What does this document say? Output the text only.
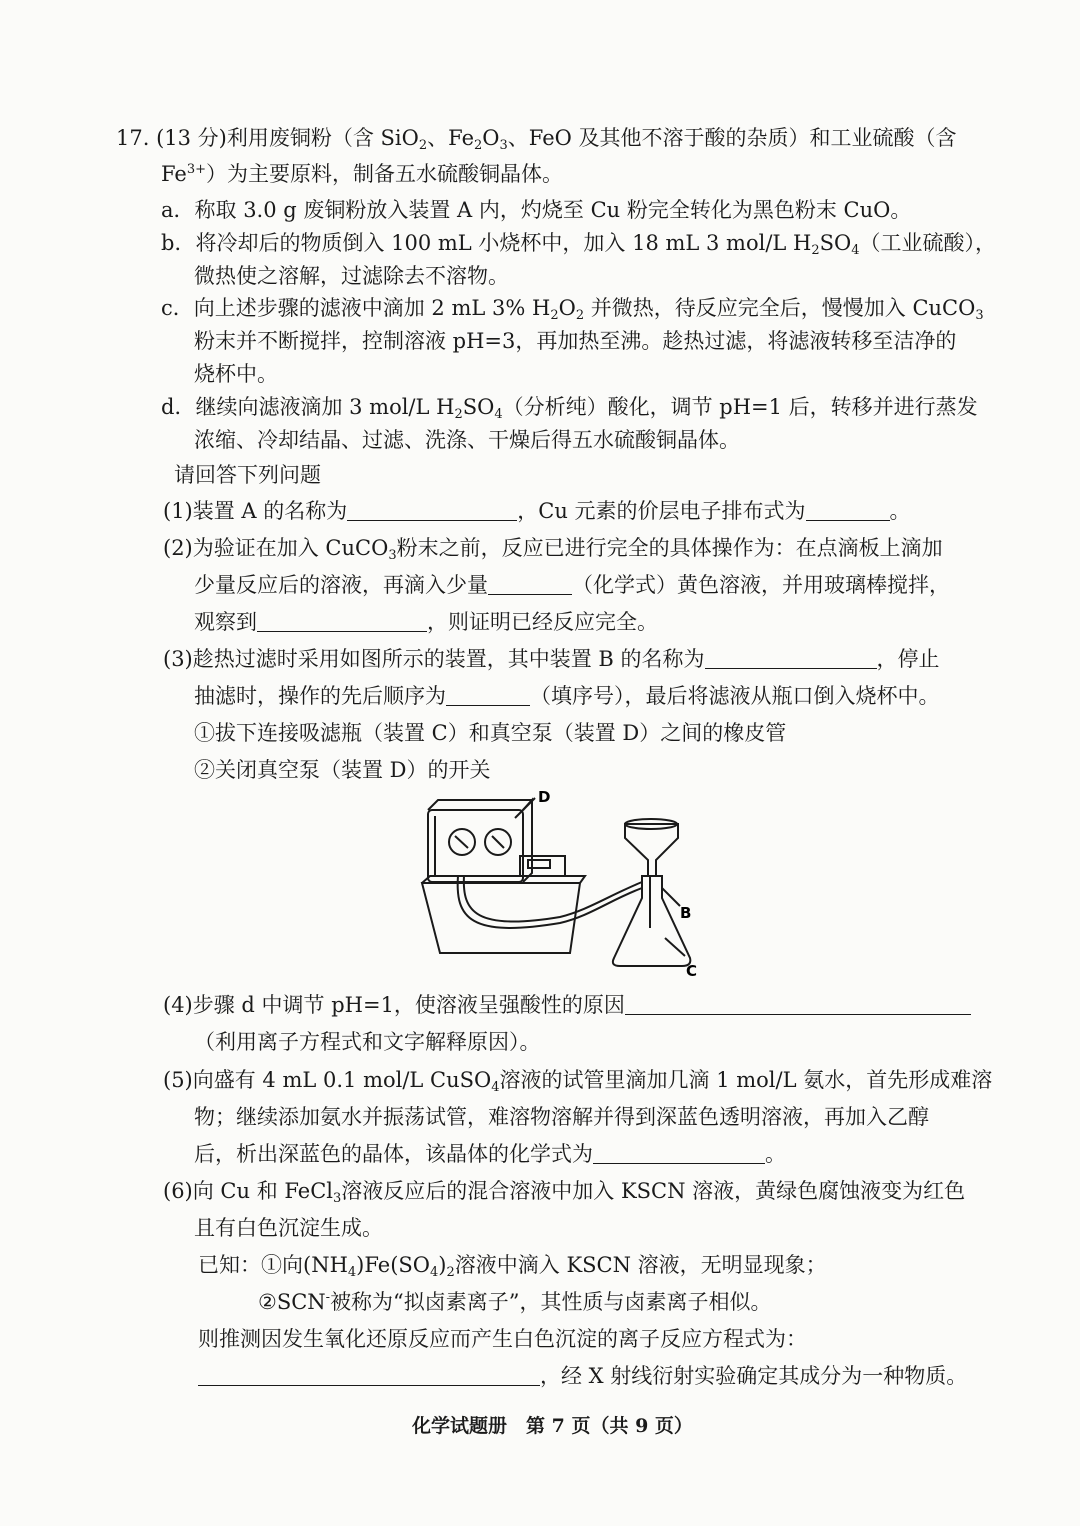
17. (13 分)利用废铜粉（含 SiO$_2$、$Fe_2O_3$、FeO 及其他不溶于酸的杂质）和工业硫酸（含
$Fe^{3+}$）为主要原料，制备五水硫酸铜晶体。
a．称取 3.0 g 废铜粉放入装置 A 内，灼烧至 Cu 粉完全转化为黑色粉末 CuO。
b．将冷却后的物质倒入 100 mL 小烧杯中，加入 18 mL 3 mol/L $H_2SO_4$（工业硫酸），
微热使之溶解，过滤除去不溶物。
c．向上述步骤的滤液中滴加 2 mL 3% $H_2O_2$ 并微热，待反应完全后，慢慢加入 CuCO$_3$
粉末并不断搅拌，控制溶液 pH=3，再加热至沸。趁热过滤，将滤液转移至洁净的
烧杯中。
d．继续向滤液滴加 3 mol/L $H_2SO_4$（分析纯）酸化，调节 pH=1 后，转移并进行蒸发
浓缩、冷却结晶、过滤、洗涤、干燥后得五水硫酸铜晶体。
请回答下列问题
(1)装置 A 的名称为	，Cu 元素的价层电子排布式为	。
(2)为验证在加入 CuCO$_3$粉末之前，反应已进行完全的具体操作为：在点滴板上滴加
少量反应后的溶液，再滴入少量	（化学式）黄色溶液，并用玻璃棒搅拌，
观察到	，则证明已经反应完全。
(3)趁热过滤时采用如图所示的装置，其中装置 B 的名称为	，停止
抽滤时，操作的先后顺序为	（填序号），最后将滤液从瓶口倒入烧杯中。
①拔下连接吸滤瓶（装置 C）和真空泵（装置 D）之间的橡皮管
②关闭真空泵（装置 D）的开关
D
B
C
(4)步骤 d 中调节 pH=1，使溶液呈强酸性的原因
（利用离子方程式和文字解释原因）。
(5)向盛有 4 mL 0.1 mol/L CuSO$_4$溶液的试管里滴加几滴 1 mol/L 氨水，首先形成难溶
物；继续添加氨水并振荡试管，难溶物溶解并得到深蓝色透明溶液，再加入乙醇
后，析出深蓝色的晶体，该晶体的化学式为	。
(6)向 Cu 和 FeCl$_3$溶液反应后的混合溶液中加入 KSCN 溶液，黄绿色腐蚀液变为红色
且有白色沉淀生成。
已知：①向$(NH_4)Fe(SO_4)_2$溶液中滴入 KSCN 溶液，无明显现象；
②SCN-被称为“拟卤素离子”，其性质与卤素离子相似。
则推测因发生氧化还原反应而产生白色沉淀的离子反应方程式为：
，经 X 射线衍射实验确定其成分为一种物质。
化学试题册　第 7 页（共 9 页）
